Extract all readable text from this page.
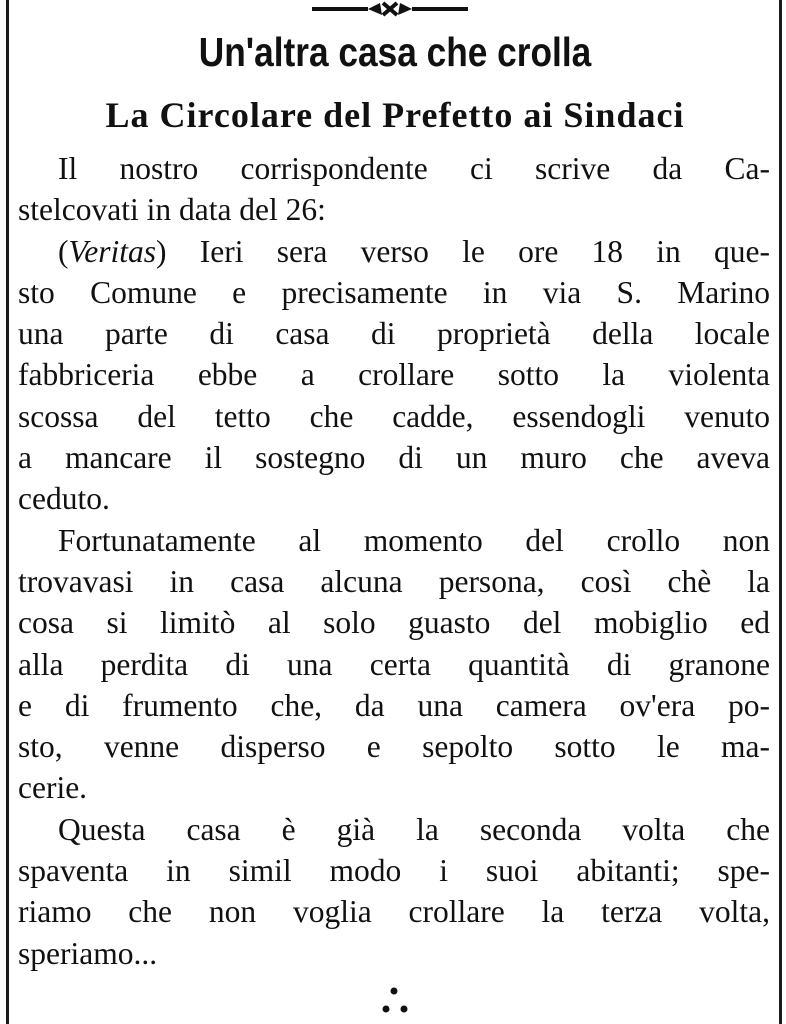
Un'altra casa che crolla
La Circolare del Prefetto ai Sindaci
Il nostro corrispondente ci scrive da Ca-
stelcovati in data del 26:
(Veritas) Ieri sera verso le ore 18 in que-
sto Comune e precisamente in via S. Marino
una parte di casa di proprietà della locale
fabbriceria ebbe a crollare sotto la violenta
scossa del tetto che cadde, essendogli venuto
a mancare il sostegno di un muro che aveva
ceduto.
Fortunatamente al momento del crollo non
trovavasi in casa alcuna persona, così chè la
cosa si limitò al solo guasto del mobiglio ed
alla perdita di una certa quantità di granone
e di frumento che, da una camera ov'era po-
sto, venne disperso e sepolto sotto le ma-
cerie.
Questa casa è già la seconda volta che
spaventa in simil modo i suoi abitanti; spe-
riamo che non voglia crollare la terza volta,
speriamo...
